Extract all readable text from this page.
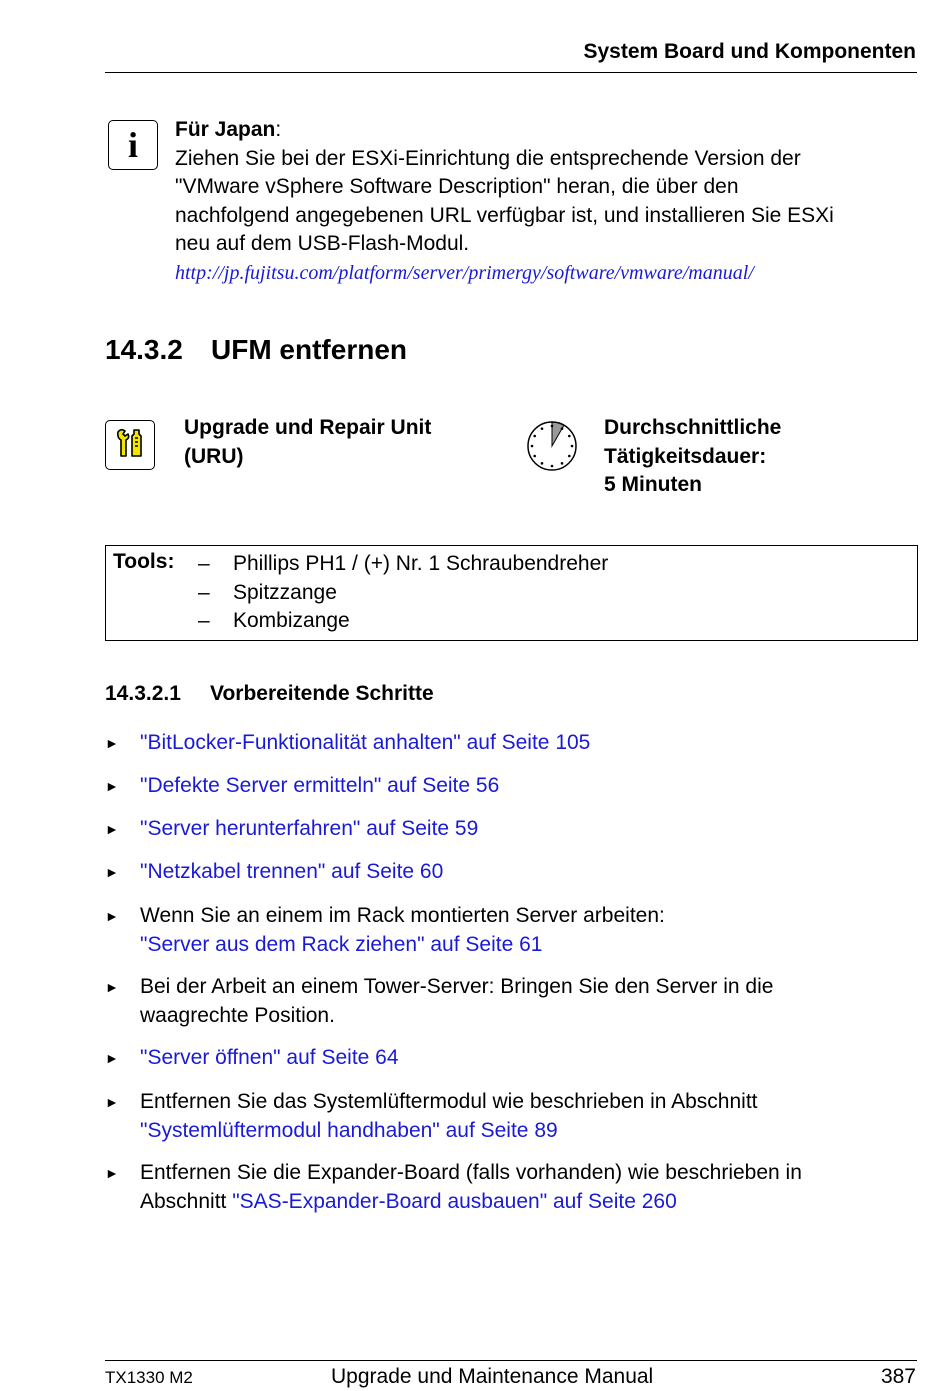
System Board und Komponenten
i	Für Japan:
Ziehen Sie bei der ESXi-Einrichtung die entsprechende Version der
"VMware vSphere Software Description" heran, die über den
nachfolgend angegebenen URL verfügbar ist, und installieren Sie ESXi
neu auf dem USB-Flash-Modul.
http://jp.fujitsu.com/platform/server/primergy/software/vmware/manual/
14.3.2 UFM entfernen
Upgrade und Repair Unit
(URU)
Durchschnittliche
Tätigkeitsdauer:
5 Minuten
Tools: – Phillips PH1 / (+) Nr. 1 Schraubendreher
– Spitzzange
– Kombizange
14.3.2.1 Vorbereitende Schritte
► "BitLocker-Funktionalität anhalten" auf Seite 105
► "Defekte Server ermitteln" auf Seite 56
► "Server herunterfahren" auf Seite 59
► "Netzkabel trennen" auf Seite 60
► Wenn Sie an einem im Rack montierten Server arbeiten:
"Server aus dem Rack ziehen" auf Seite 61
► Bei der Arbeit an einem Tower-Server: Bringen Sie den Server in die
waagrechte Position.
► "Server öffnen" auf Seite 64
► Entfernen Sie das Systemlüftermodul wie beschrieben in Abschnitt
"Systemlüftermodul handhaben" auf Seite 89
► Entfernen Sie die Expander-Board (falls vorhanden) wie beschrieben in
Abschnitt "SAS-Expander-Board ausbauen" auf Seite 260
TX1330 M2	Upgrade und Maintenance Manual	387
